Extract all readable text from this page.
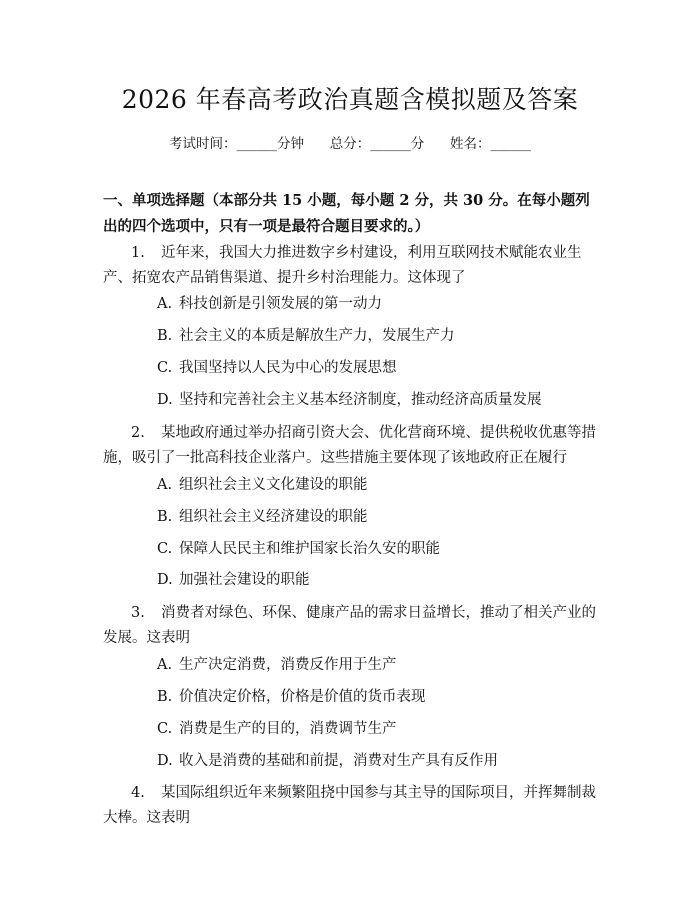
2026 年春高考政治真题含模拟题及答案
考试时间：______分钟 总分：______分 姓名：______
一、单项选择题（本部分共 15 小题，每小题 2 分，共 30 分。在每小题列出的四个选项中，只有一项是最符合题目要求的。）
1. 近年来，我国大力推进数字乡村建设，利用互联网技术赋能农业生产、拓宽农产品销售渠道、提升乡村治理能力。这体现了
A. 科技创新是引领发展的第一动力
B. 社会主义的本质是解放生产力，发展生产力
C. 我国坚持以人民为中心的发展思想
D. 坚持和完善社会主义基本经济制度，推动经济高质量发展
2. 某地政府通过举办招商引资大会、优化营商环境、提供税收优惠等措施，吸引了一批高科技企业落户。这些措施主要体现了该地政府正在履行
A. 组织社会主义文化建设的职能
B. 组织社会主义经济建设的职能
C. 保障人民民主和维护国家长治久安的职能
D. 加强社会建设的职能
3. 消费者对绿色、环保、健康产品的需求日益增长，推动了相关产业的发展。这表明
A. 生产决定消费，消费反作用于生产
B. 价值决定价格，价格是价值的货币表现
C. 消费是生产的目的，消费调节生产
D. 收入是消费的基础和前提，消费对生产具有反作用
4. 某国际组织近年来频繁阻挠中国参与其主导的国际项目，并挥舞制裁大棒。这表明
